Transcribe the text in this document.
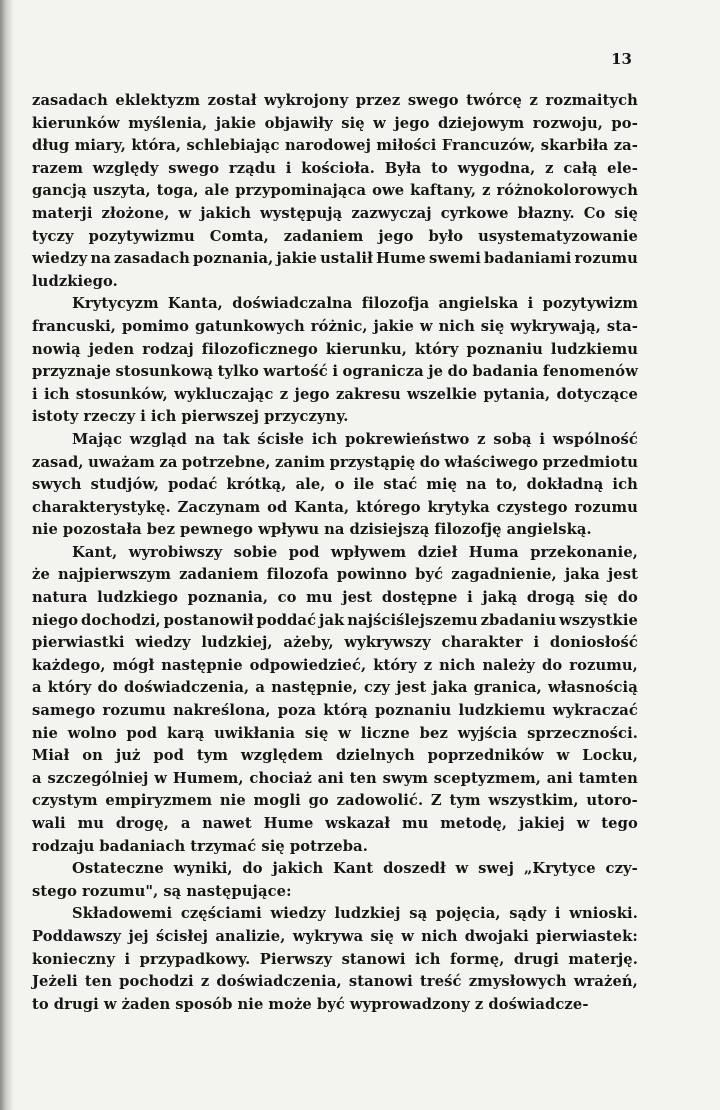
13
zasadach eklektyzm został wykrojony przez swego twórcę z rozmaitych
kierunków myślenia, jakie objawiły się w jego dziejowym rozwoju, po-
dług miary, która, schlebiając narodowej miłości Francuzów, skarbiła za-
razem względy swego rządu i kościoła. Była to wygodna, z całą ele-
gancją uszyta, toga, ale przypominająca owe kaftany, z różnokolorowych
materji złożone, w jakich występują zazwyczaj cyrkowe błazny. Co się
tyczy pozytywizmu Comta, zadaniem jego było usystematyzowanie
wiedzy na zasadach poznania, jakie ustalił Hume swemi badaniami rozumu
ludzkiego.
Krytycyzm Kanta, doświadczalna filozofja angielska i pozytywizm
francuski, pomimo gatunkowych różnic, jakie w nich się wykrywają, sta-
nowią jeden rodzaj filozoficznego kierunku, który poznaniu ludzkiemu
przyznaje stosunkową tylko wartość i ogranicza je do badania fenomenów
i ich stosunków, wykluczając z jego zakresu wszelkie pytania, dotyczące
istoty rzeczy i ich pierwszej przyczyny.
Mając wzgląd na tak ścisłe ich pokrewieństwo z sobą i wspólność
zasad, uważam za potrzebne, zanim przystąpię do właściwego przedmiotu
swych studjów, podać krótką, ale, o ile stać mię na to, dokładną ich
charakterystykę. Zaczynam od Kanta, którego krytyka czystego rozumu
nie pozostała bez pewnego wpływu na dzisiejszą filozofję angielską.
Kant, wyrobiwszy sobie pod wpływem dzieł Huma przekonanie,
że najpierwszym zadaniem filozofa powinno być zagadnienie, jaka jest
natura ludzkiego poznania, co mu jest dostępne i jaką drogą się do
niego dochodzi, postanowił poddać jak najściślejszemu zbadaniu wszystkie
pierwiastki wiedzy ludzkiej, ażeby, wykrywszy charakter i doniosłość
każdego, mógł następnie odpowiedzieć, który z nich należy do rozumu,
a który do doświadczenia, a następnie, czy jest jaka granica, własnością
samego rozumu nakreślona, poza którą poznaniu ludzkiemu wykraczać
nie wolno pod karą uwikłania się w liczne bez wyjścia sprzeczności.
Miał on już pod tym względem dzielnych poprzedników w Locku,
a szczególniej w Humem, chociaż ani ten swym sceptyzmem, ani tamten
czystym empiryzmem nie mogli go zadowolić. Z tym wszystkim, utoro-
wali mu drogę, a nawet Hume wskazał mu metodę, jakiej w tego
rodzaju badaniach trzymać się potrzeba.
Ostateczne wyniki, do jakich Kant doszedł w swej „Krytyce czy-
stego rozumu", są następujące:
Składowemi częściami wiedzy ludzkiej są pojęcia, sądy i wnioski.
Poddawszy jej ścisłej analizie, wykrywa się w nich dwojaki pierwiastek:
konieczny i przypadkowy. Pierwszy stanowi ich formę, drugi materję.
Jeżeli ten pochodzi z doświadczenia, stanowi treść zmysłowych wrażeń,
to drugi w żaden sposób nie może być wyprowadzony z doświadcze-
